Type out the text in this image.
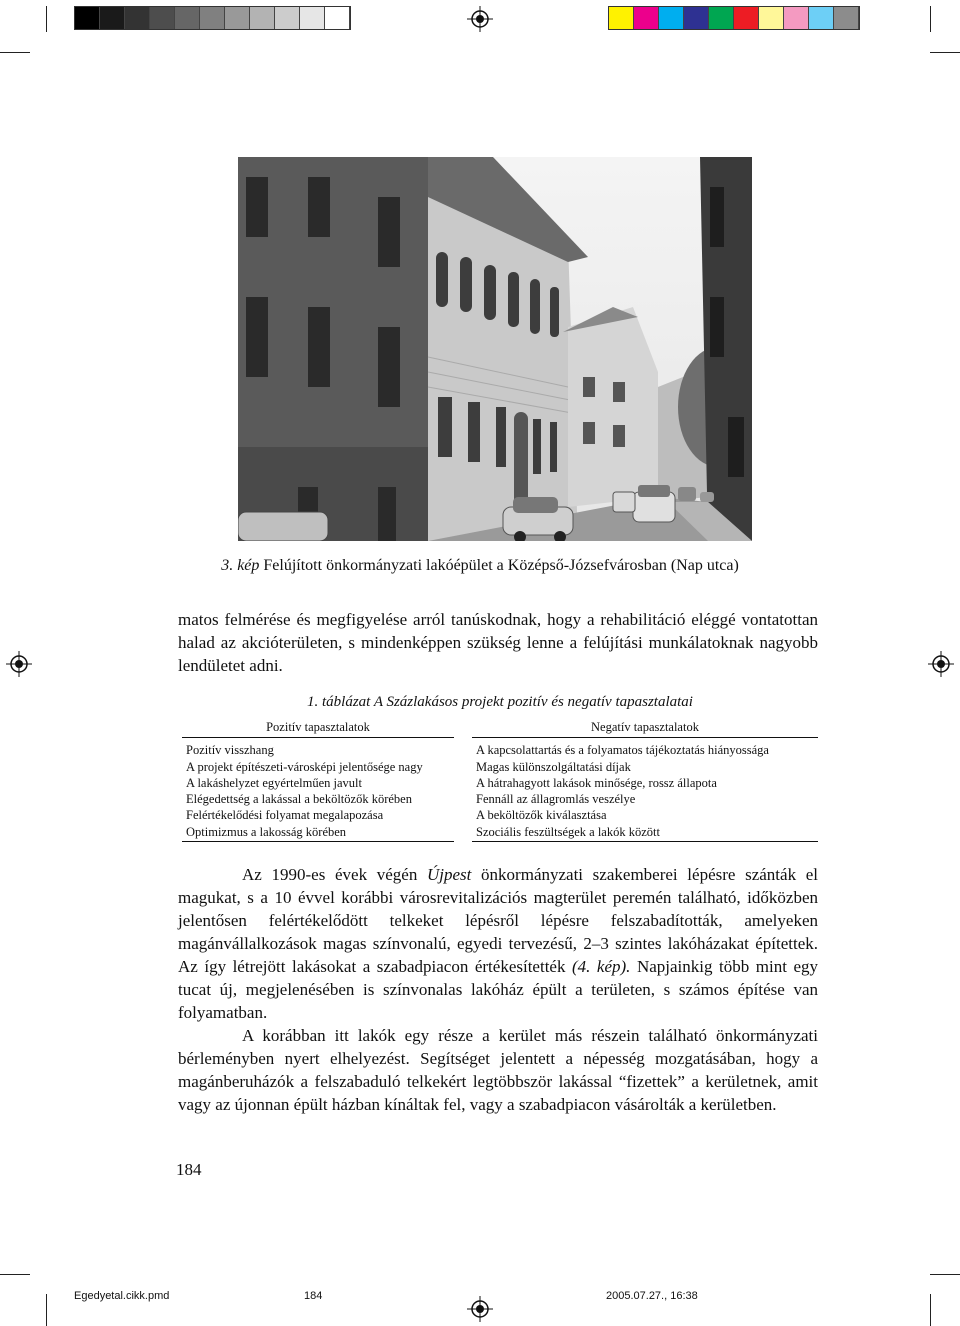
3. kép Felújított önkormányzati lakóépület a Középső-Józsefvárosban (Nap utca)

matos felmérése és megfigyelése arról tanúskodnak, hogy a rehabilitáció eléggé vontatottan halad az akcióterületen, s mindenképpen szükség lenne a felújítási munkálatoknak nagyobb lendületet adni.

1. táblázat A Százlakásos projekt pozitív és negatív tapasztalatai
Pozitív tapasztalatok
Pozitív visszhang
A projekt építészeti-városképi jelentősége nagy
A lakáshelyzet egyértelműen javult
Elégedettség a lakással a beköltözők körében
Felértékelődési folyamat megalapozása
Optimizmus a lakosság körében
Negatív tapasztalatok
A kapcsolattartás és a folyamatos tájékoztatás hiányossága
Magas különszolgáltatási díjak
A hátrahagyott lakások minősége, rossz állapota
Fennáll az állagromlás veszélye
A beköltözők kiválasztása
Szociális feszültségek a lakók között

Az 1990-es évek végén Újpest önkormányzati szakemberei lépésre szánták el magukat, s a 10 évvel korábbi városrevitalizációs magterület peremén található, időközben jelentősen felértékelődött telkeket lépésről lépésre felszabadították, amelyeken magánvállalkozások magas színvonalú, egyedi tervezésű, 2–3 szintes lakóházakat építettek. Az így létrejött lakásokat a szabadpiacon értékesítették (4. kép). Napjainkig több mint egy tucat új, megjelenésében is színvonalas lakóház épült a területen, s számos építése van folyamatban.

A korábban itt lakók egy része a kerület más részein található önkormányzati bérleményben nyert elhelyezést. Segítséget jelentett a népesség mozgatásában, hogy a magánberuházók a felszabaduló telkekért legtöbbször lakással “fizettek” a kerületnek, amit vagy az újonnan épült házban kínáltak fel, vagy a szabadpiacon vásárolták a kerületben.

184
Egedyetal.cikk.pmd	184	2005.07.27., 16:38
